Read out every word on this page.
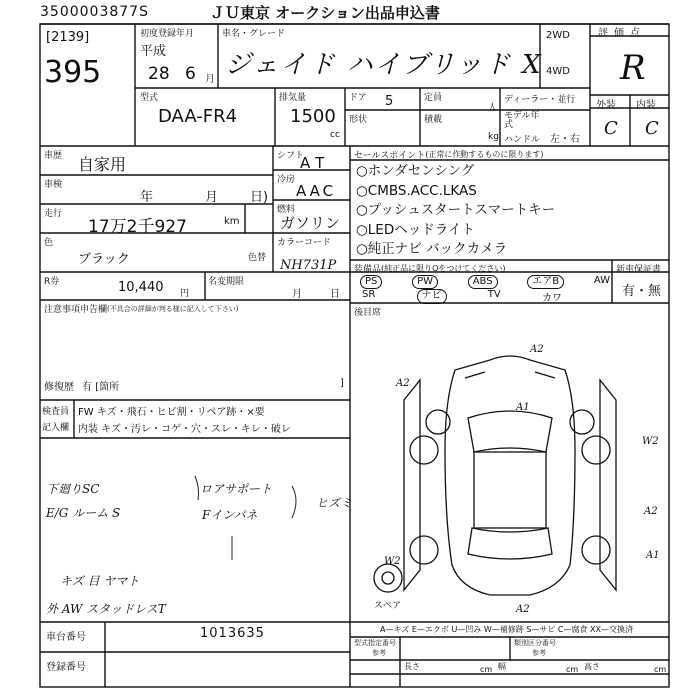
3500003877S	ＪＵ東京 オークション出品申込書
[2139]
395
初度登録年月
平成
28 6 月
車名・グレード
ジェイド ハイブリッド X
2WD
4WD
評価点
R
外装 内装
C C
型式
DAA-FR4
排気量
1500
cc
ドア 5	定員
人
形状	積載
kg
ディーラー・並行
モデル年式
ハンドル 左・右
車歴 自家用	シフト
AT
車検
年	月 日)
冷房
AAC
走行
17万2千927	km
燃料
ガソリン
色
ブラック	色替
カラーコード
NH731P
セールスポイント (正常に作動するものに限ります)
○ホンダセンシング
○CMBS.ACC.LKAS
○プッシュスタートスマートキー
○LEDヘッドライト
○純正ナビ バックカメラ
R券	10,440 円
名変期限
月	日
装備品 (純正品に限りOをつけてください)
PS	PW	ABS	エアB	AW
SR	ナビ	TV	カワ
新車保証書
有・無
注意事項申告欄 (不具合の詳細が判る様に記入して下さい)	後目席
修復歴 有 [箇所	]
検査員
記入欄
FW キズ・飛石・ヒビ割・リペア跡・×要
内装 キズ・汚レ・コゲ・穴・スレ・キレ・破レ
下廻りSC	ロアサポート
ヒズミ
Fインパネ
E/G ルーム S
キズ 目 ヤマト
外 AW スタッドレスT
A2
A1
A2
W2
A2
W2
A1
A2
スペア
A—キズ E—エクボ U—凹み W—補修跡 S—サビ C—腐食 XX—交換済
車台番号	1013635
登録番号
型式指定番号
参考
類別区分番号
参考
長さ	cm 幅	cm 高さ	cm
